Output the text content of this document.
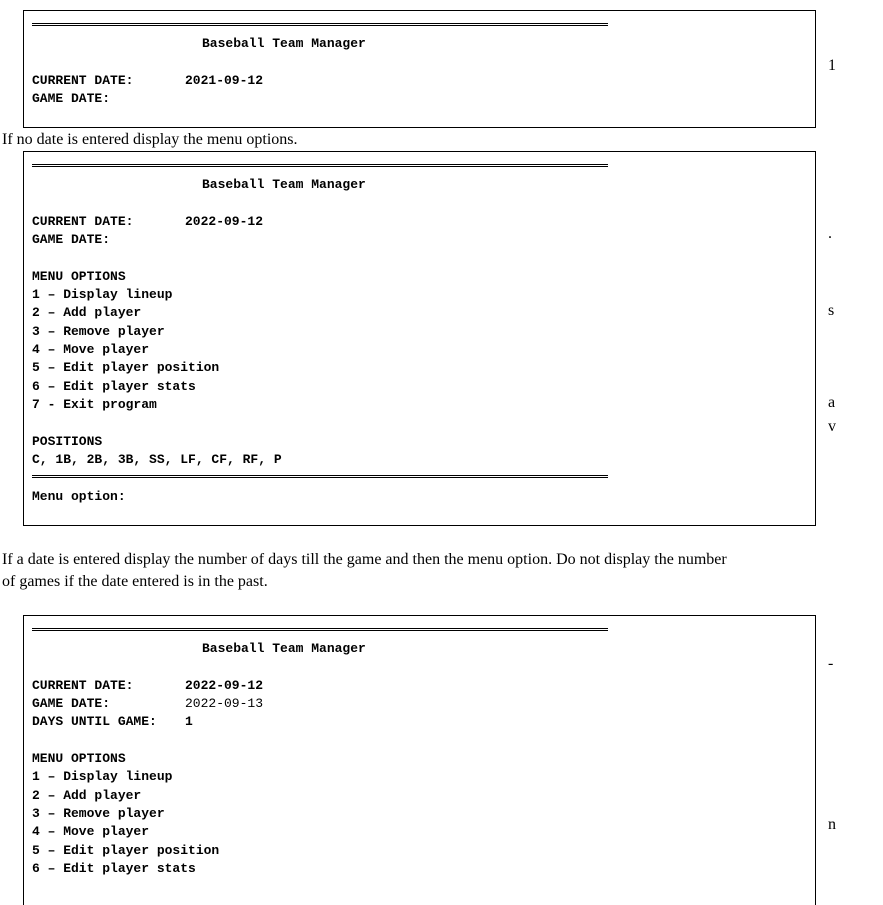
Baseball Team Manager
CURRENT DATE:	2021-09-12
GAME DATE:
If no date is entered display the menu options.
Baseball Team Manager
CURRENT DATE:	2022-09-12
GAME DATE:
MENU OPTIONS
1 – Display lineup
2 – Add player
3 – Remove player
4 – Move player
5 – Edit player position
6 – Edit player stats
7 - Exit program
POSITIONS
C, 1B, 2B, 3B, SS, LF, CF, RF, P
Menu option:
If a date is entered display the number of days till the game and then the menu option. Do not display the number
of games if the date entered is in the past.
Baseball Team Manager
CURRENT DATE:	2022-09-12
GAME DATE:	2022-09-13
DAYS UNTIL GAME: 1
MENU OPTIONS
1 – Display lineup
2 – Add player
3 – Remove player
4 – Move player
5 – Edit player position
6 – Edit player stats
1
.
s
a
v
-
n
